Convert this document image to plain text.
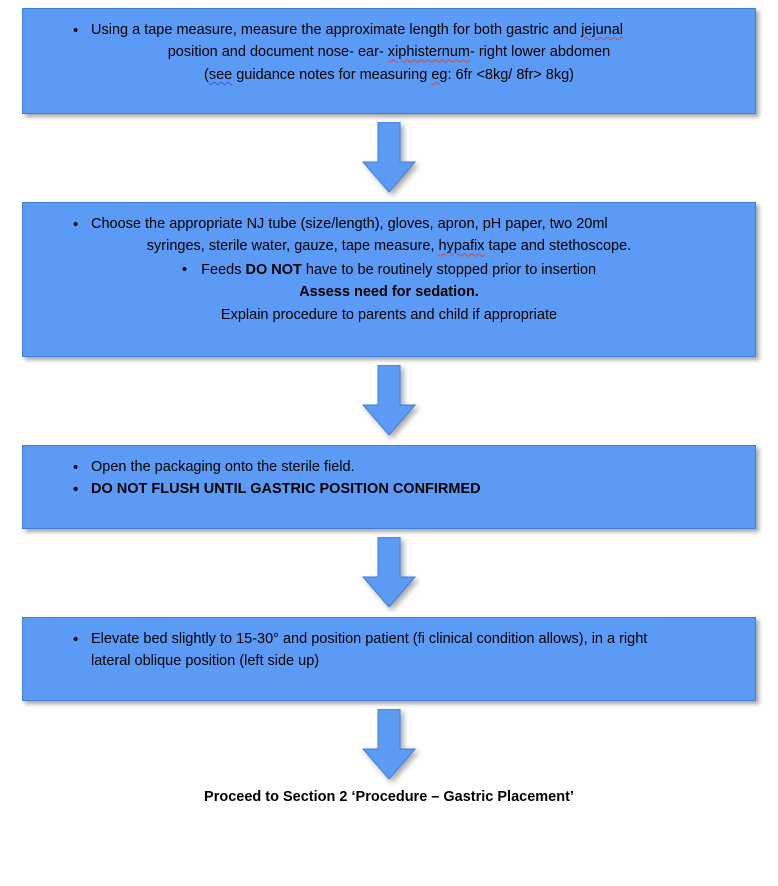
• Using a tape measure, measure the approximate length for both gastric and jejunal
position and document nose- ear- xiphisternum- right lower abdomen
(see guidance notes for measuring eg: 6fr <8kg/ 8fr> 8kg)
• Choose the appropriate NJ tube (size/length), gloves, apron, pH paper, two 20ml
syringes, sterile water, gauze, tape measure, hypafix tape and stethoscope.
• Feeds DO NOT have to be routinely stopped prior to insertion
Assess need for sedation.
Explain procedure to parents and child if appropriate
• Open the packaging onto the sterile field.
• DO NOT FLUSH UNTIL GASTRIC POSITION CONFIRMED
• Elevate bed slightly to 15-30° and position patient (fi clinical condition allows), in a right
lateral oblique position (left side up)
Proceed to Section 2 ‘Procedure – Gastric Placement’
